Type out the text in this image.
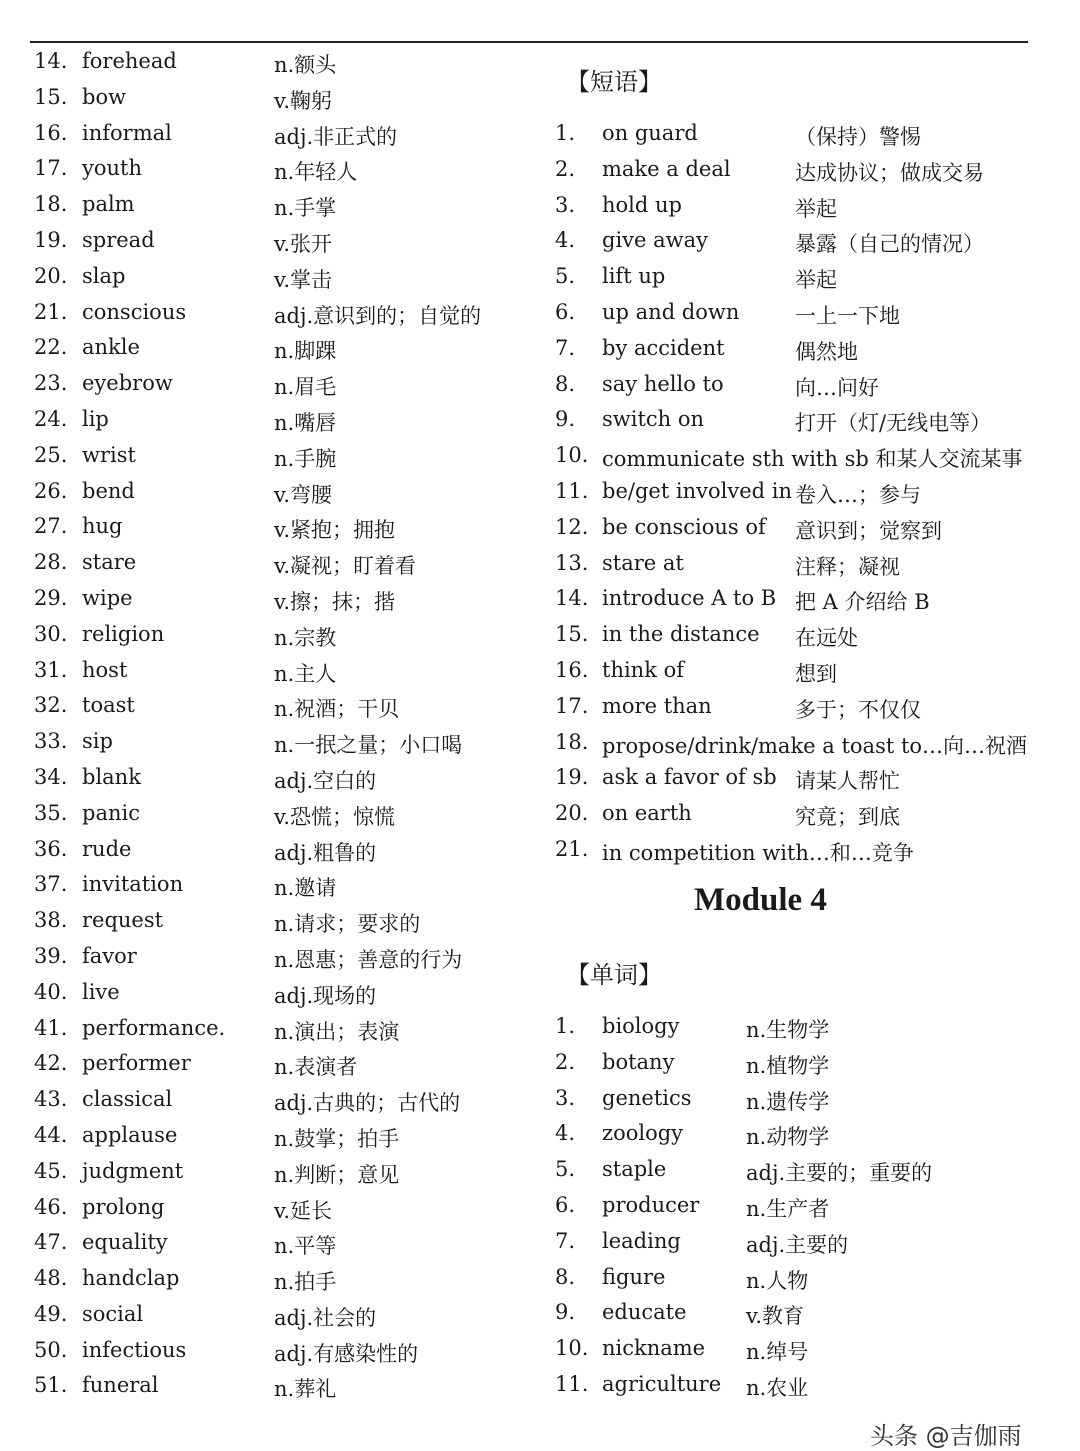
14. forehead	n.额头
15. bow	v.鞠躬
16. informal	adj.非正式的
17. youth	n.年轻人
18. palm	n.手掌
19. spread	v.张开
20. slap	v.掌击
21. conscious	adj.意识到的；自觉的
22. ankle	n.脚踝
23. eyebrow	n.眉毛
24. lip	n.嘴唇
25. wrist	n.手腕
26. bend	v.弯腰
27. hug	v.紧抱；拥抱
28. stare	v.凝视；盯着看
29. wipe	v.擦；抹；揩
30. religion	n.宗教
31. host	n.主人
32. toast	n.祝酒；干贝
33. sip	n.一抿之量；小口喝
34. blank	adj.空白的
35. panic	v.恐慌；惊慌
36. rude	adj.粗鲁的
37. invitation	n.邀请
38. request	n.请求；要求的
39. favor	n.恩惠；善意的行为
40. live	adj.现场的
41. performance. n.演出；表演
42. performer	n.表演者
43. classical	adj.古典的；古代的
44. applause	n.鼓掌；拍手
45. judgment	n.判断；意见
46. prolong	v.延长
47. equality	n.平等
48. handclap	n.拍手
49. social	adj.社会的
50. infectious	adj.有感染性的
51. funeral	n.葬礼
【短语】
1.	on guard	（保持）警惕
2.	make a deal	达成协议；做成交易
3.	hold up	举起
4.	give away	暴露（自己的情况）
5.	lift up	举起
6.	up and down	一上一下地
7.	by accident	偶然地
8.	say hello to	向…问好
9.	switch on	打开（灯/无线电等）
10. communicate sth with sb 和某人交流某事
11. be/get involved in 卷入…；参与
12. be conscious of 意识到；觉察到
13. stare at	注释；凝视
14. introduce A to B 把 A 介绍给 B
15. in the distance 在远处
16. think of	想到
17. more than	多于；不仅仅
18. propose/drink/make a toast to…向…祝酒
19. ask a favor of sb 请某人帮忙
20. on earth	究竟；到底
21. in competition with…和…竞争
Module 4
【单词】
1.	biology	n.生物学
2.	botany	n.植物学
3.	genetics	n.遗传学
4.	zoology	n.动物学
5.	staple	adj.主要的；重要的
6.	producer n.生产者
7.	leading	adj.主要的
8.	figure	n.人物
9.	educate	v.教育
10. nickname n.绰号
11. agriculture n.农业
头条 @吉伽雨
